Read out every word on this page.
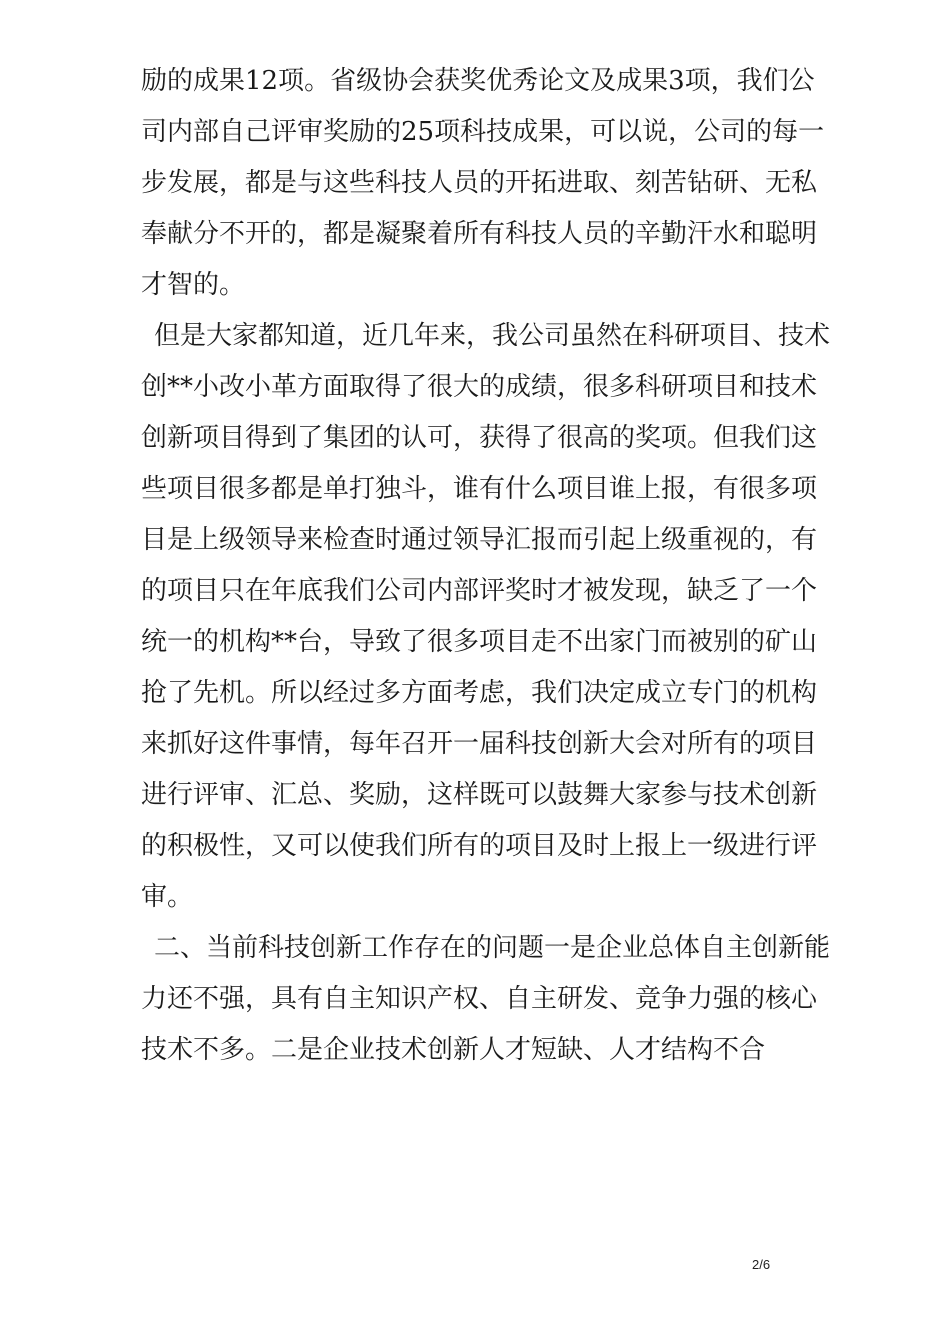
励的成果12项。省级协会获奖优秀论文及成果3项，我们公
司内部自己评审奖励的25项科技成果，可以说，公司的每一
步发展，都是与这些科技人员的开拓进取、刻苦钻研、无私
奉献分不开的，都是凝聚着所有科技人员的辛勤汗水和聪明
才智的。
但是大家都知道，近几年来，我公司虽然在科研项目、技术
创**小改小革方面取得了很大的成绩，很多科研项目和技术
创新项目得到了集团的认可，获得了很高的奖项。但我们这
些项目很多都是单打独斗，谁有什么项目谁上报，有很多项
目是上级领导来检查时通过领导汇报而引起上级重视的，有
的项目只在年底我们公司内部评奖时才被发现，缺乏了一个
统一的机构**台，导致了很多项目走不出家门而被别的矿山
抢了先机。所以经过多方面考虑，我们决定成立专门的机构
来抓好这件事情，每年召开一届科技创新大会对所有的项目
进行评审、汇总、奖励，这样既可以鼓舞大家参与技术创新
的积极性，又可以使我们所有的项目及时上报上一级进行评
审。
二、当前科技创新工作存在的问题一是企业总体自主创新能
力还不强，具有自主知识产权、自主研发、竞争力强的核心
技术不多。二是企业技术创新人才短缺、人才结构不合
2/6
